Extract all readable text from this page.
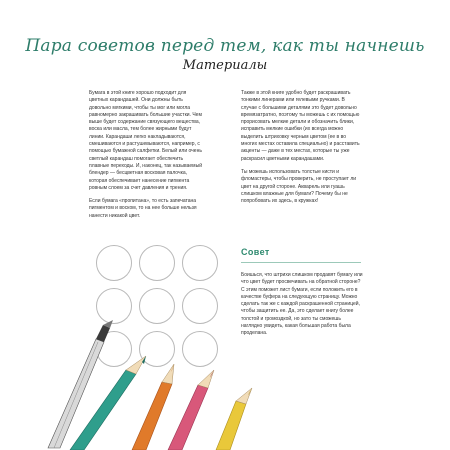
Пара советов перед тем, как ты начнешь
Материалы

Бумага в этой книге хорошо подходит для цветных карандашей. Они должны быть довольно мягкими, чтобы ты мог или могла равномерно закрашивать большие участки. Чем выше будет содержание связующего вещества, воска или масла, тем более жирными будут линии. Карандаши легко накладываются, смешиваются и растушевываются, например, с помощью бумажной салфетки. Белый или очень светлый карандаш помогает обеспечить плавные переходы. И, наконец, так называемый блендер — бесцветная восковая палочка, которая обеспечивает нанесение пигмента ровным слоем за счет давления и трения.

Если бумага «пропитана», то есть запечатана пигментом и воском, то на нее больше нельзя нанести никакой цвет.

Также в этой книге удобно будет раскрашивать тонкими линерами или гелевыми ручками. В случае с большими деталями это будет довольно времязатратно, поэтому ты можешь с их помощью прорисовать мелкие детали и обозначить блики, исправить мелкие ошибки (их всегда можно выделить штриховку черным цветом (ее в во многих местах оставила специально) и расставить акценты — даже в тех местах, которые ты уже раскрасил цветными карандашами.

Ты можешь использовать толстые кисти и фломастеры, чтобы проверить, не проступает ли цвет на другой стороне. Акварель или гуашь слишком влажные для бумаги? Почему бы не попробовать их здесь, в кружках!

Совет
Боишься, что штрихи слишком продавят бумагу или что цвет будет просвечивать на обратной стороне? С этим поможет лист бумаги, если положить его в качестве буфера на следующую страницу. Можно сделать так же с каждой раскрашенной страницей, чтобы защитить ее. Да, это сделает книгу более толстой и громоздкой, но зато ты сможешь наглядно увидеть, какая большая работа была проделана.
